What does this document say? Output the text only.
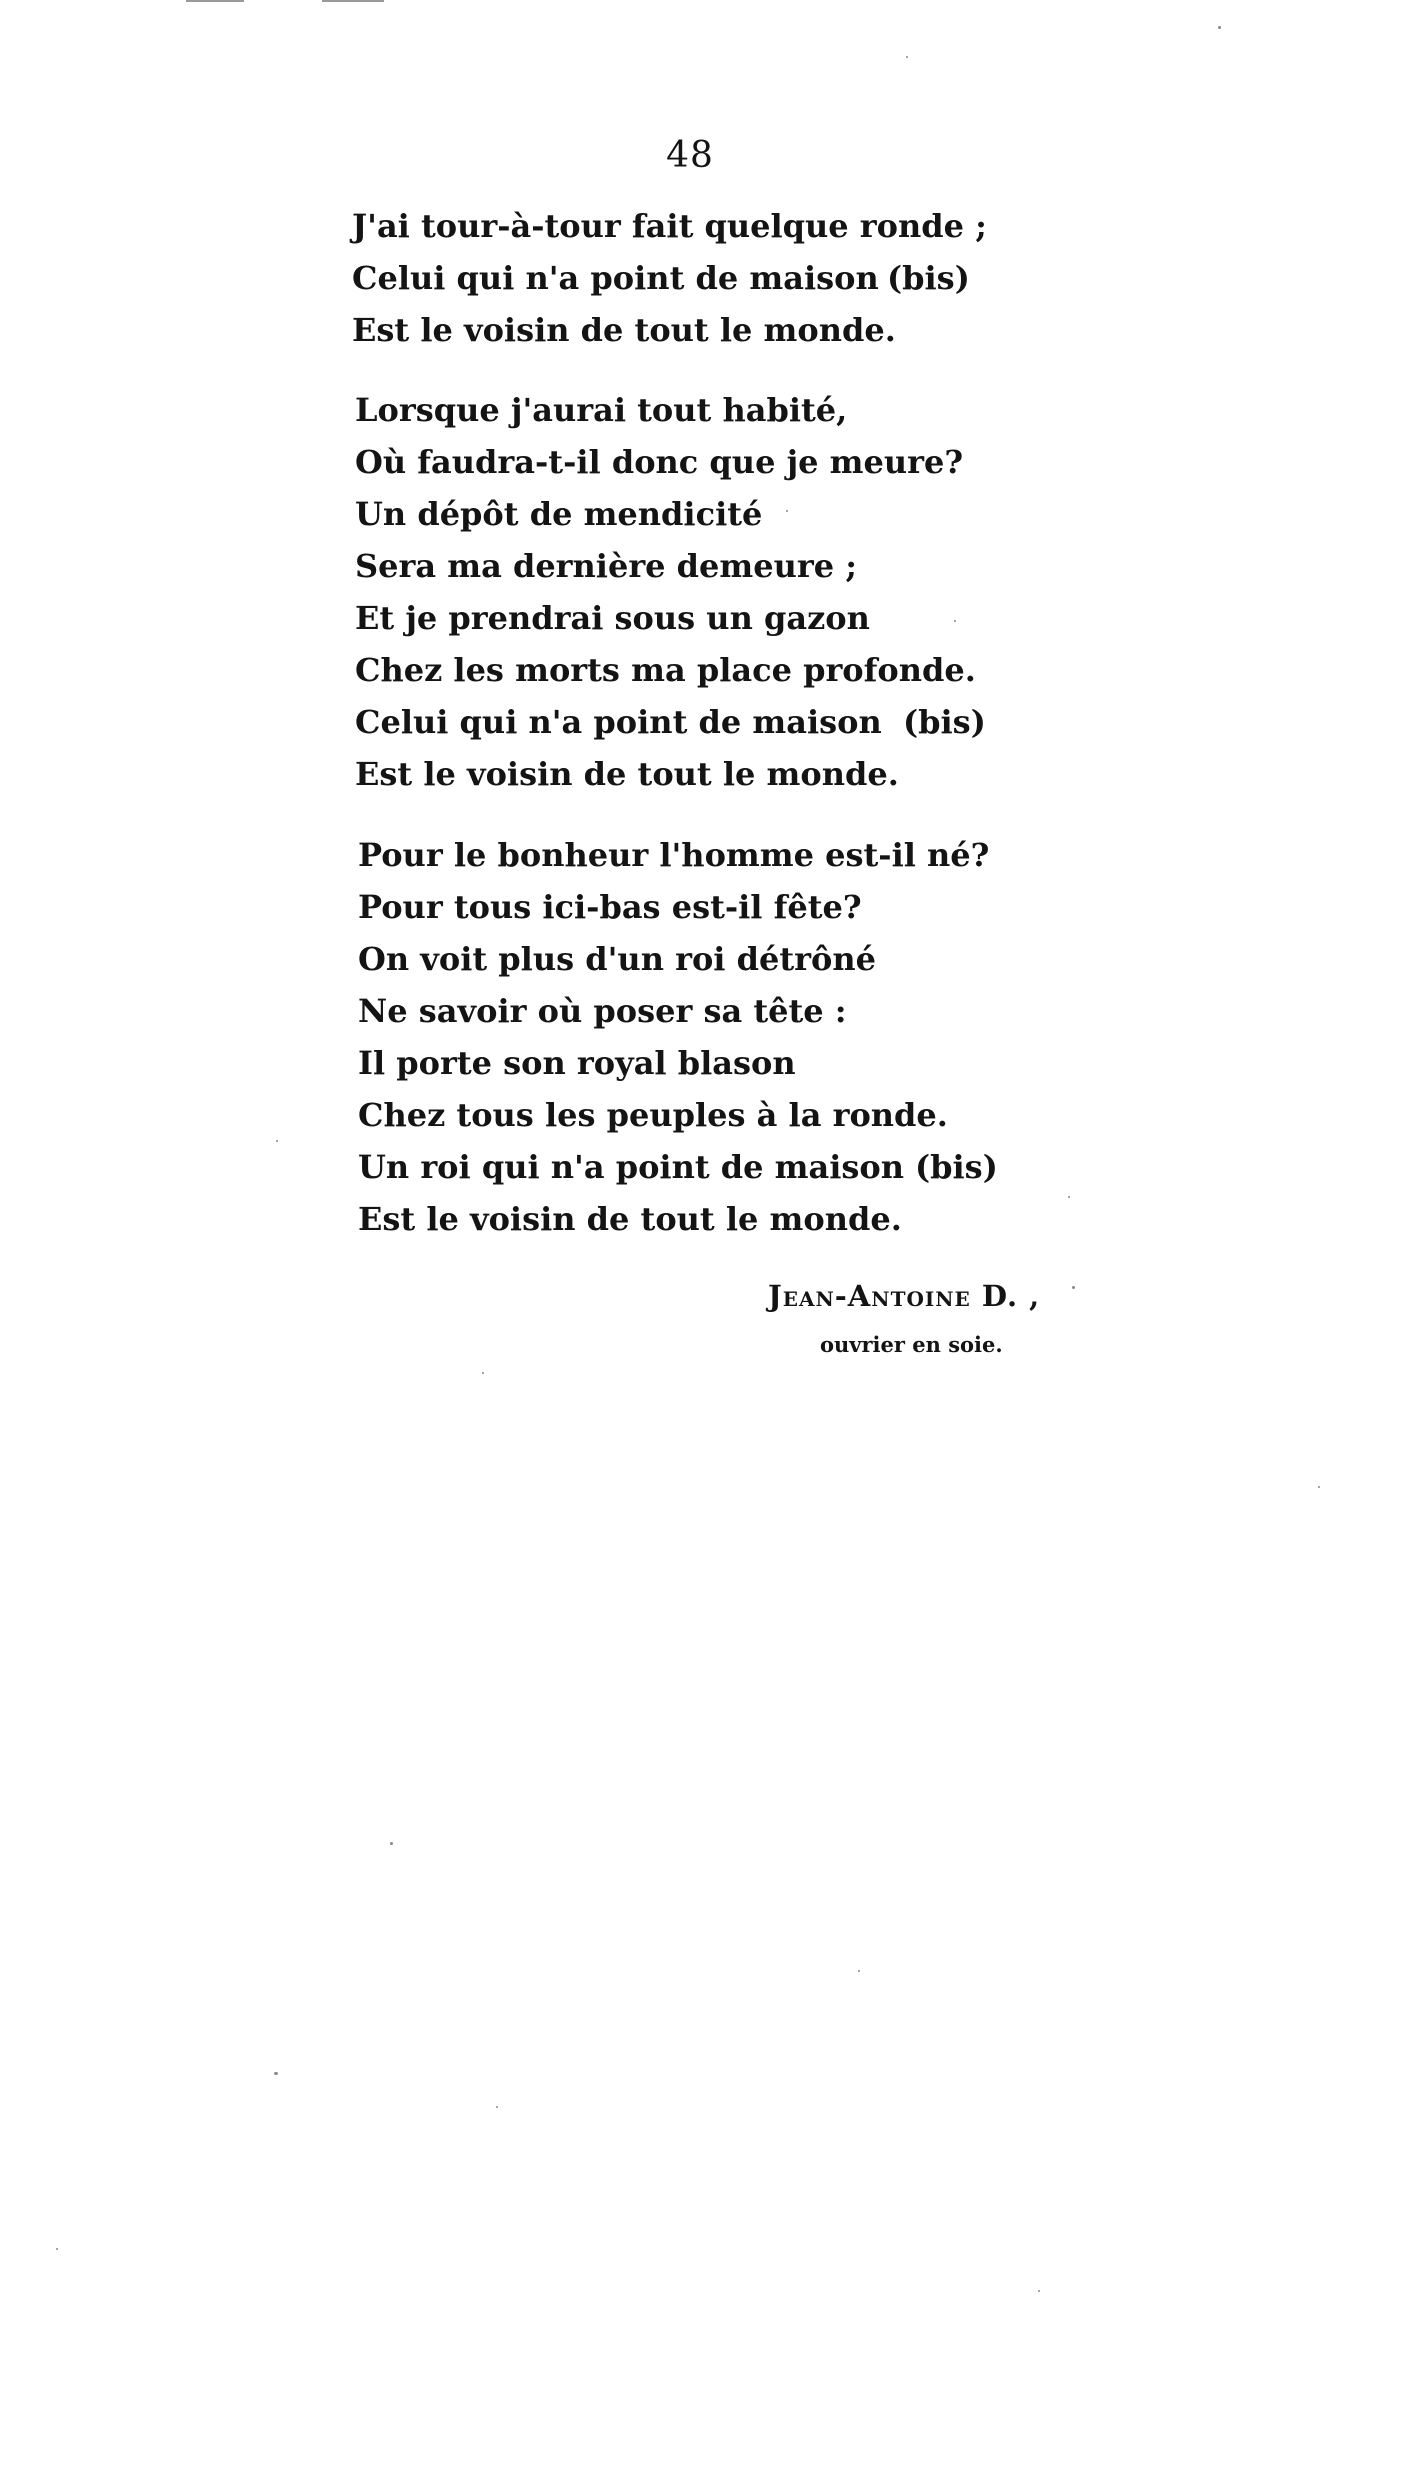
48
J'ai tour-à-tour fait quelque ronde ;
Celui qui n'a point de maison (bis)
Est le voisin de tout le monde.
Lorsque j'aurai tout habité,
Où faudra-t-il donc que je meure?
Un dépôt de mendicité
Sera ma dernière demeure ;
Et je prendrai sous un gazon
Chez les morts ma place profonde.
Celui qui n'a point de maison (bis)
Est le voisin de tout le monde.
Pour le bonheur l'homme est-il né?
Pour tous ici-bas est-il fête?
On voit plus d'un roi détrôné
Ne savoir où poser sa tête :
Il porte son royal blason
Chez tous les peuples à la ronde.
Un roi qui n'a point de maison (bis)
Est le voisin de tout le monde.
Jean-Antoine D. ,
ouvrier en soie.
